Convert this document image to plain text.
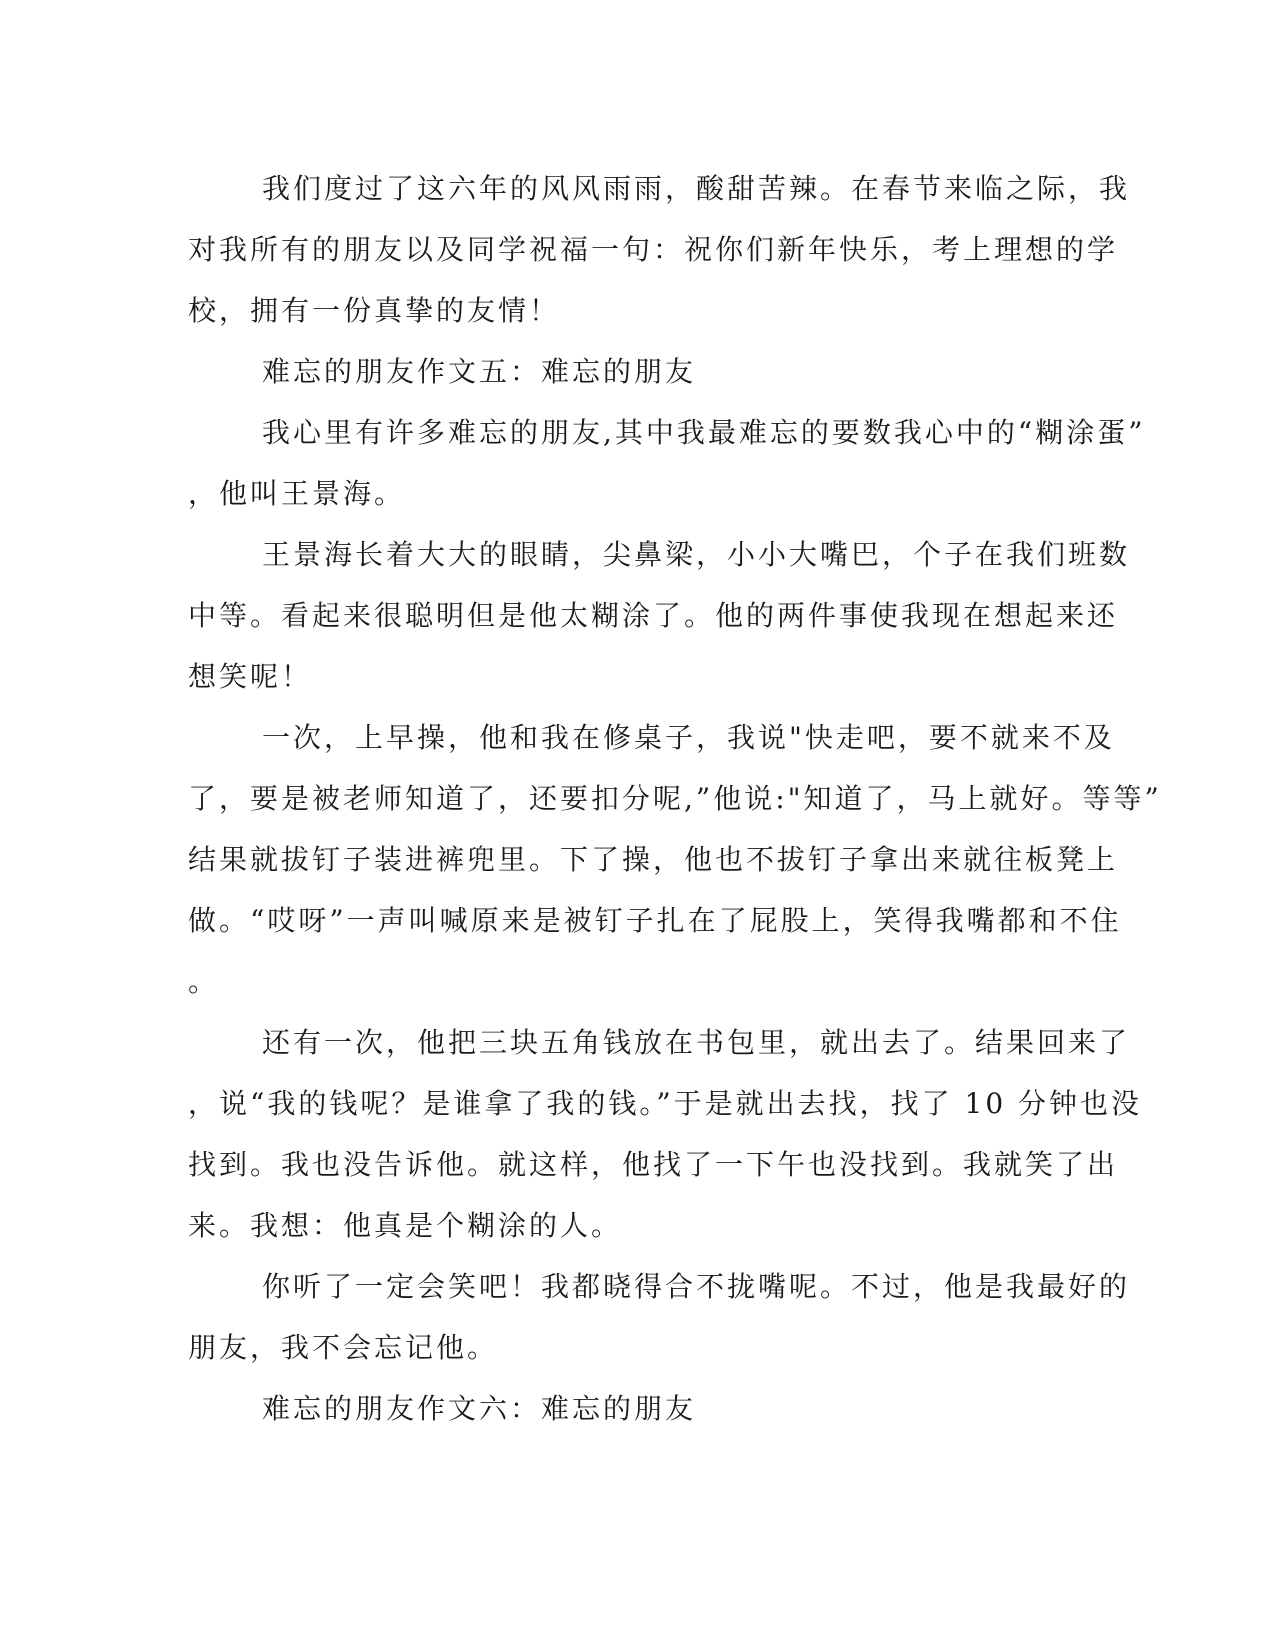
我们度过了这六年的风风雨雨，酸甜苦辣。在春节来临之际，我
对我所有的朋友以及同学祝福一句：祝你们新年快乐，考上理想的学
校，拥有一份真挚的友情！
难忘的朋友作文五：难忘的朋友
我心里有许多难忘的朋友,其中我最难忘的要数我心中的“糊涂蛋”
，他叫王景海。
王景海长着大大的眼睛，尖鼻梁，小小大嘴巴，个子在我们班数
中等。看起来很聪明但是他太糊涂了。他的两件事使我现在想起来还
想笑呢！
一次，上早操，他和我在修桌子，我说"快走吧，要不就来不及
了，要是被老师知道了，还要扣分呢,”他说:"知道了，马上就好。等等”
结果就拔钉子装进裤兜里。下了操，他也不拔钉子拿出来就往板凳上
做。“哎呀”一声叫喊原来是被钉子扎在了屁股上，笑得我嘴都和不住
。
还有一次，他把三块五角钱放在书包里，就出去了。结果回来了
，说“我的钱呢？是谁拿了我的钱。”于是就出去找，找了 10 分钟也没
找到。我也没告诉他。就这样，他找了一下午也没找到。我就笑了出
来。我想：他真是个糊涂的人。
你听了一定会笑吧！我都晓得合不拢嘴呢。不过，他是我最好的
朋友，我不会忘记他。
难忘的朋友作文六：难忘的朋友
